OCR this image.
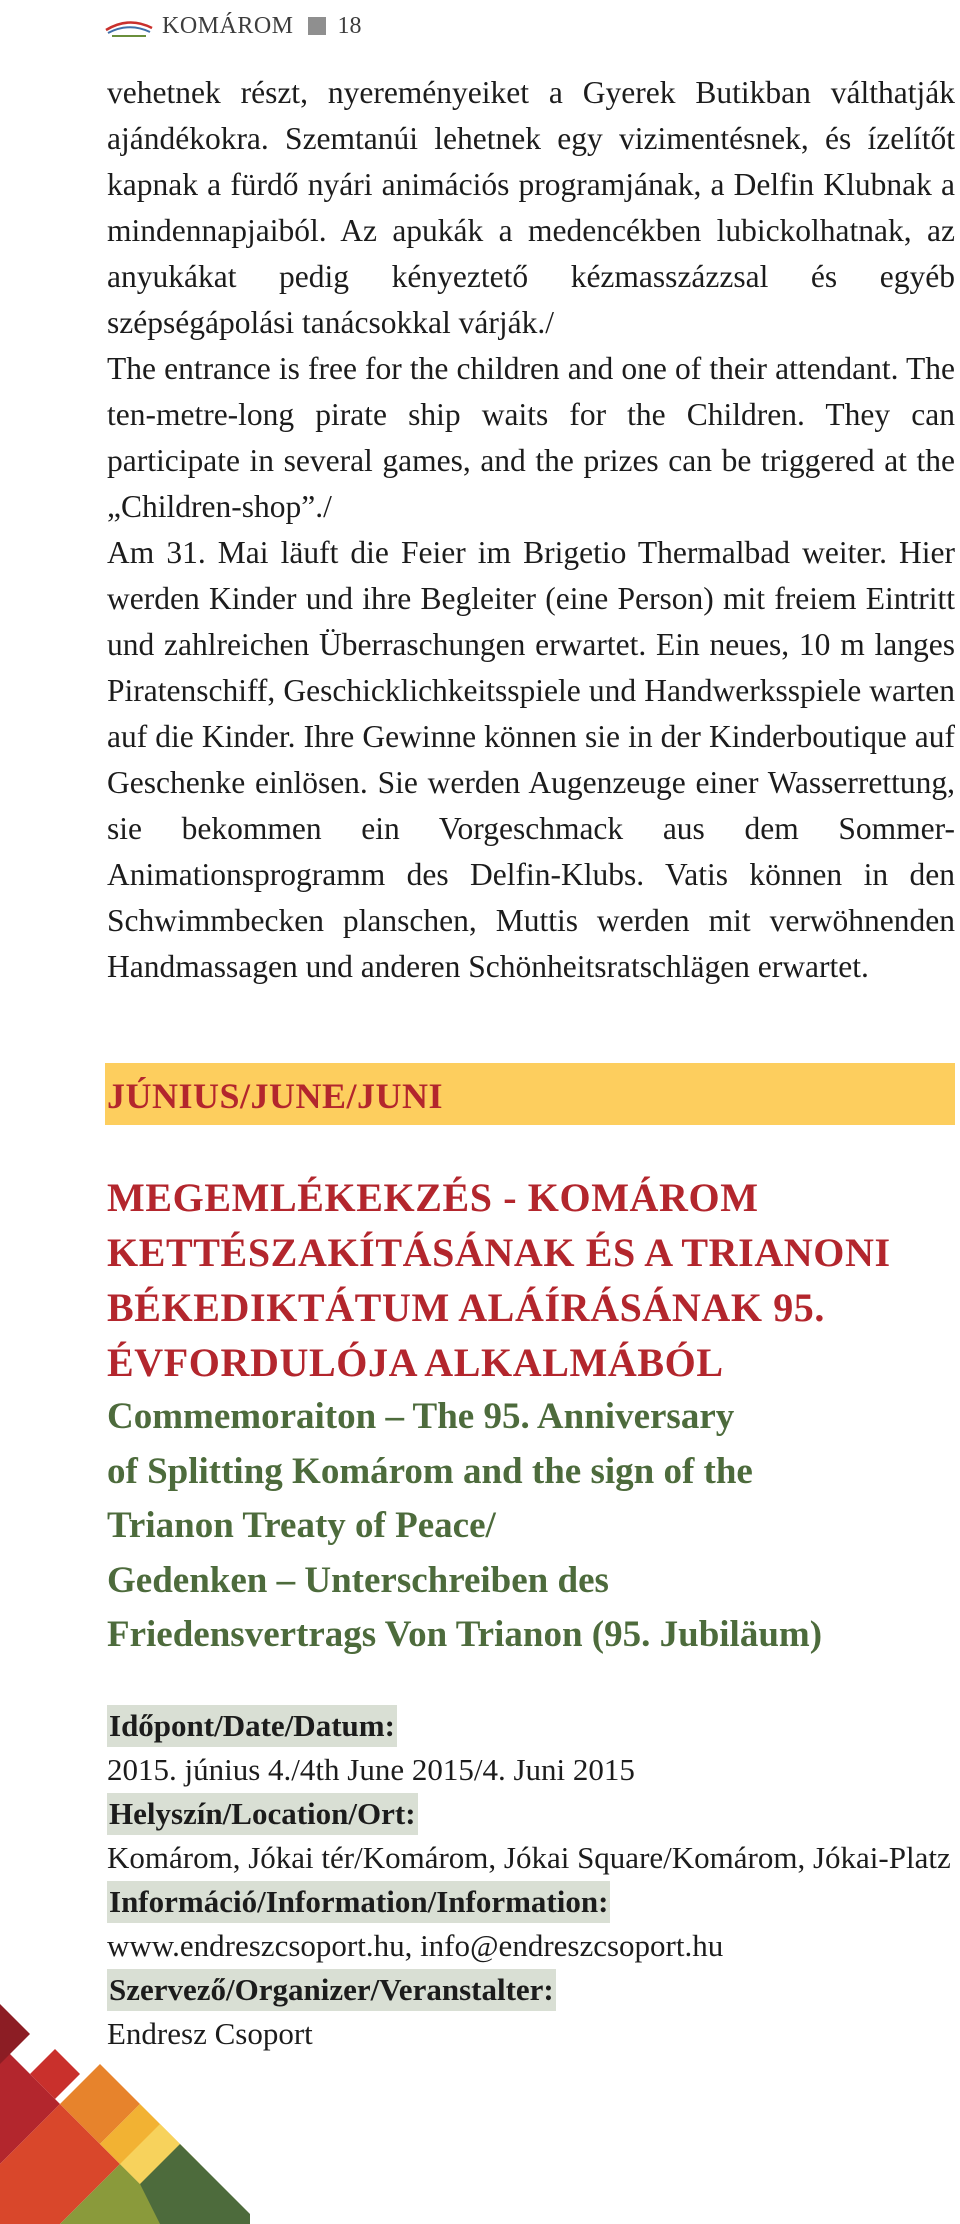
KOMÁROM 18

vehetnek részt, nyereményeiket a Gyerek Butikban válthatják ajándékokra. Szemtanúi lehetnek egy vizimentésnek, és ízelítőt kapnak a fürdő nyári animációs programjának, a Delfin Klubnak a mindennapjaiból. Az apukák a medencékben lubickolhatnak, az anyukákat pedig kényeztető kézmasszázzsal és egyéb szépségápolási tanácsokkal várják./

The entrance is free for the children and one of their attendant. The ten-metre-long pirate ship waits for the Children. They can participate in several games, and the prizes can be triggered at the „Children-shop”./

Am 31. Mai läuft die Feier im Brigetio Thermalbad weiter. Hier werden Kinder und ihre Begleiter (eine Person) mit freiem Eintritt und zahlreichen Überraschungen erwartet. Ein neues, 10 m langes Piratenschiff, Geschicklichkeitsspiele und Handwerksspiele warten auf die Kinder. Ihre Gewinne können sie in der Kinderboutique auf Geschenke einlösen. Sie werden Augenzeuge einer Wasserrettung, sie bekommen ein Vorgeschmack aus dem Sommer-Animationsprogramm des Delfin-Klubs. Vatis können in den Schwimmbecken planschen, Muttis werden mit verwöhnenden Handmassagen und anderen Schönheitsratschlägen erwartet.

JÚNIUS/JUNE/JUNI
MEGEMLÉKEKZÉS - KOMÁROM
KETTÉSZAKÍTÁSÁNAK ÉS A TRIANONI
BÉKEDIKTÁTUM ALÁÍRÁSÁNAK 95.
ÉVFORDULÓJA ALKALMÁBÓL
Commemoraiton – The 95. Anniversary
of Splitting Komárom and the sign of the
Trianon Treaty of Peace/
Gedenken – Unterschreiben des
Friedensvertrags Von Trianon (95. Jubiläum)
Időpont/Date/Datum:
2015. június 4./4th June 2015/4. Juni 2015
Helyszín/Location/Ort:
Komárom, Jókai tér/Komárom, Jókai Square/Komárom, Jókai-Platz
Információ/Information/Information:
www.endreszcsoport.hu, info@endreszcsoport.hu
Szervező/Organizer/Veranstalter:
Endresz Csoport
